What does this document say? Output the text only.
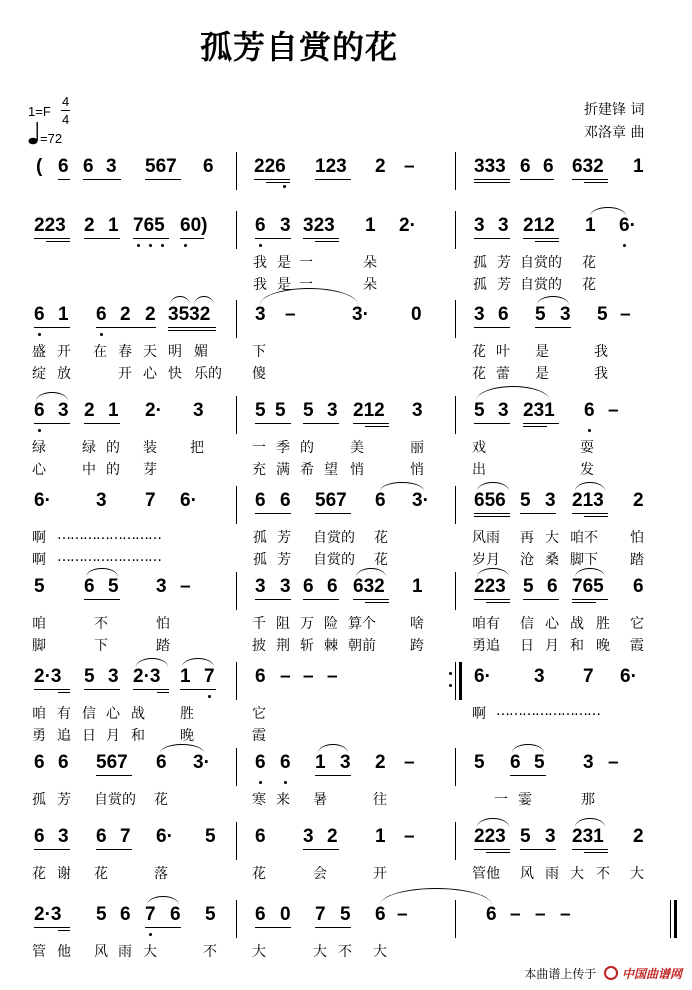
孤芳自赏的花
1=F
4
4
=72
折建锋 词
邓洛章 曲
( 6 6 3 567 6 226 123 2 –	333 6 6 632 1
223 2 1 765 60)	6 3 323 1 2·	3 3 212 1 6·
我 是 一	朵	孤 芳 自赏的 花
我 是 一	朵	孤 芳 自赏的 花
6 1 6 2 2 3532 3 –	3· 0	3 6 5 3 5 –
盛 开 在 春 天 明 媚	下	花 叶 是	我
绽 放	开 心 快 乐的 傻	花 蕾 是	我
6 3 2 1 2· 3	5 5 5 3 212 3	5 3 231 6 –
绿	绿 的 装 把	一 季 的	美	丽	戏	耍
心	中 的 芽	充 满 希 望 悄	悄	出	发
6· 3 7 6·	6 6 567 6 3· 656 5 3 213 2
啊 ……………………	孤 芳 自赏的 花	风雨 再 大 咱不 怕
啊 ……………………	孤 芳 自赏的 花	岁月 沧 桑 脚下 踏
5 6 5 3 –	3 3 6 6 632 1	223 5 6 765 6
咱	不	怕	千 阻 万 险 算个 啥	咱有 信 心 战 胜 它
脚	下	踏	披 荆 斩 棘 朝前 跨	勇追 日 月 和 晚 霞
2·3 5 3 2·3 1 7 6 – – –	6· 3 7 6·
咱 有 信 心 战	胜	它	啊 ……………………
勇 追 日 月 和	晚	霞
6 6 567 6 3· 6 6 1 3 2 –	5 6 5 3 –
孤 芳 自赏的 花	寒 来 暑	往	一 霎	那
6 3 6 7 6· 5 6 3 2 1 –	223 5 3 231 2
花 谢 花	落	花	会	开	管他 风 雨 大 不 大
2·3 5 6 7 6 5 6 0 7 5 6 –	6 – – –
管 他 风 雨 大	不	大	大 不 大
本曲谱上传于 中国曲谱网
